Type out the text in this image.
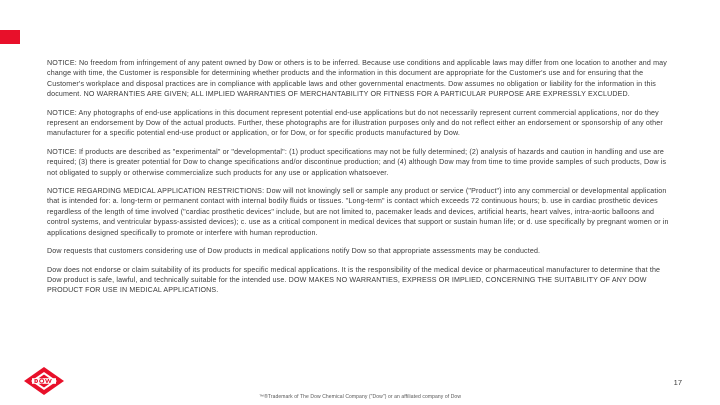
NOTICE: No freedom from infringement of any patent owned by Dow or others is to be inferred. Because use conditions and applicable laws may differ from one location to another and may change with time, the Customer is responsible for determining whether products and the information in this document are appropriate for the Customer's use and for ensuring that the Customer's workplace and disposal practices are in compliance with applicable laws and other governmental enactments. Dow assumes no obligation or liability for the information in this document. NO WARRANTIES ARE GIVEN; ALL IMPLIED WARRANTIES OF MERCHANTABILITY OR FITNESS FOR A PARTICULAR PURPOSE ARE EXPRESSLY EXCLUDED.

NOTICE: Any photographs of end-use applications in this document represent potential end-use applications but do not necessarily represent current commercial applications, nor do they represent an endorsement by Dow of the actual products. Further, these photographs are for illustration purposes only and do not reflect either an endorsement or sponsorship of any other manufacturer for a specific potential end-use product or application, or for Dow, or for specific products manufactured by Dow.

NOTICE: If products are described as "experimental" or "developmental": (1) product specifications may not be fully determined; (2) analysis of hazards and caution in handling and use are required; (3) there is greater potential for Dow to change specifications and/or discontinue production; and (4) although Dow may from time to time provide samples of such products, Dow is not obligated to supply or otherwise commercialize such products for any use or application whatsoever.

NOTICE REGARDING MEDICAL APPLICATION RESTRICTIONS: Dow will not knowingly sell or sample any product or service ("Product") into any commercial or developmental application that is intended for: a. long-term or permanent contact with internal bodily fluids or tissues. "Long-term" is contact which exceeds 72 continuous hours; b. use in cardiac prosthetic devices regardless of the length of time involved ("cardiac prosthetic devices" include, but are not limited to, pacemaker leads and devices, artificial hearts, heart valves, intra-aortic balloons and control systems, and ventricular bypass-assisted devices); c. use as a critical component in medical devices that support or sustain human life; or d. use specifically by pregnant women or in applications designed specifically to promote or interfere with human reproduction.

Dow requests that customers considering use of Dow products in medical applications notify Dow so that appropriate assessments may be conducted.

Dow does not endorse or claim suitability of its products for specific medical applications. It is the responsibility of the medical device or pharmaceutical manufacturer to determine that the Dow product is safe, lawful, and technically suitable for the intended use. DOW MAKES NO WARRANTIES, EXPRESS OR IMPLIED, CONCERNING THE SUITABILITY OF ANY DOW PRODUCT FOR USE IN MEDICAL APPLICATIONS.

17
™®Trademark of The Dow Chemical Company ("Dow") or an affiliated company of Dow
